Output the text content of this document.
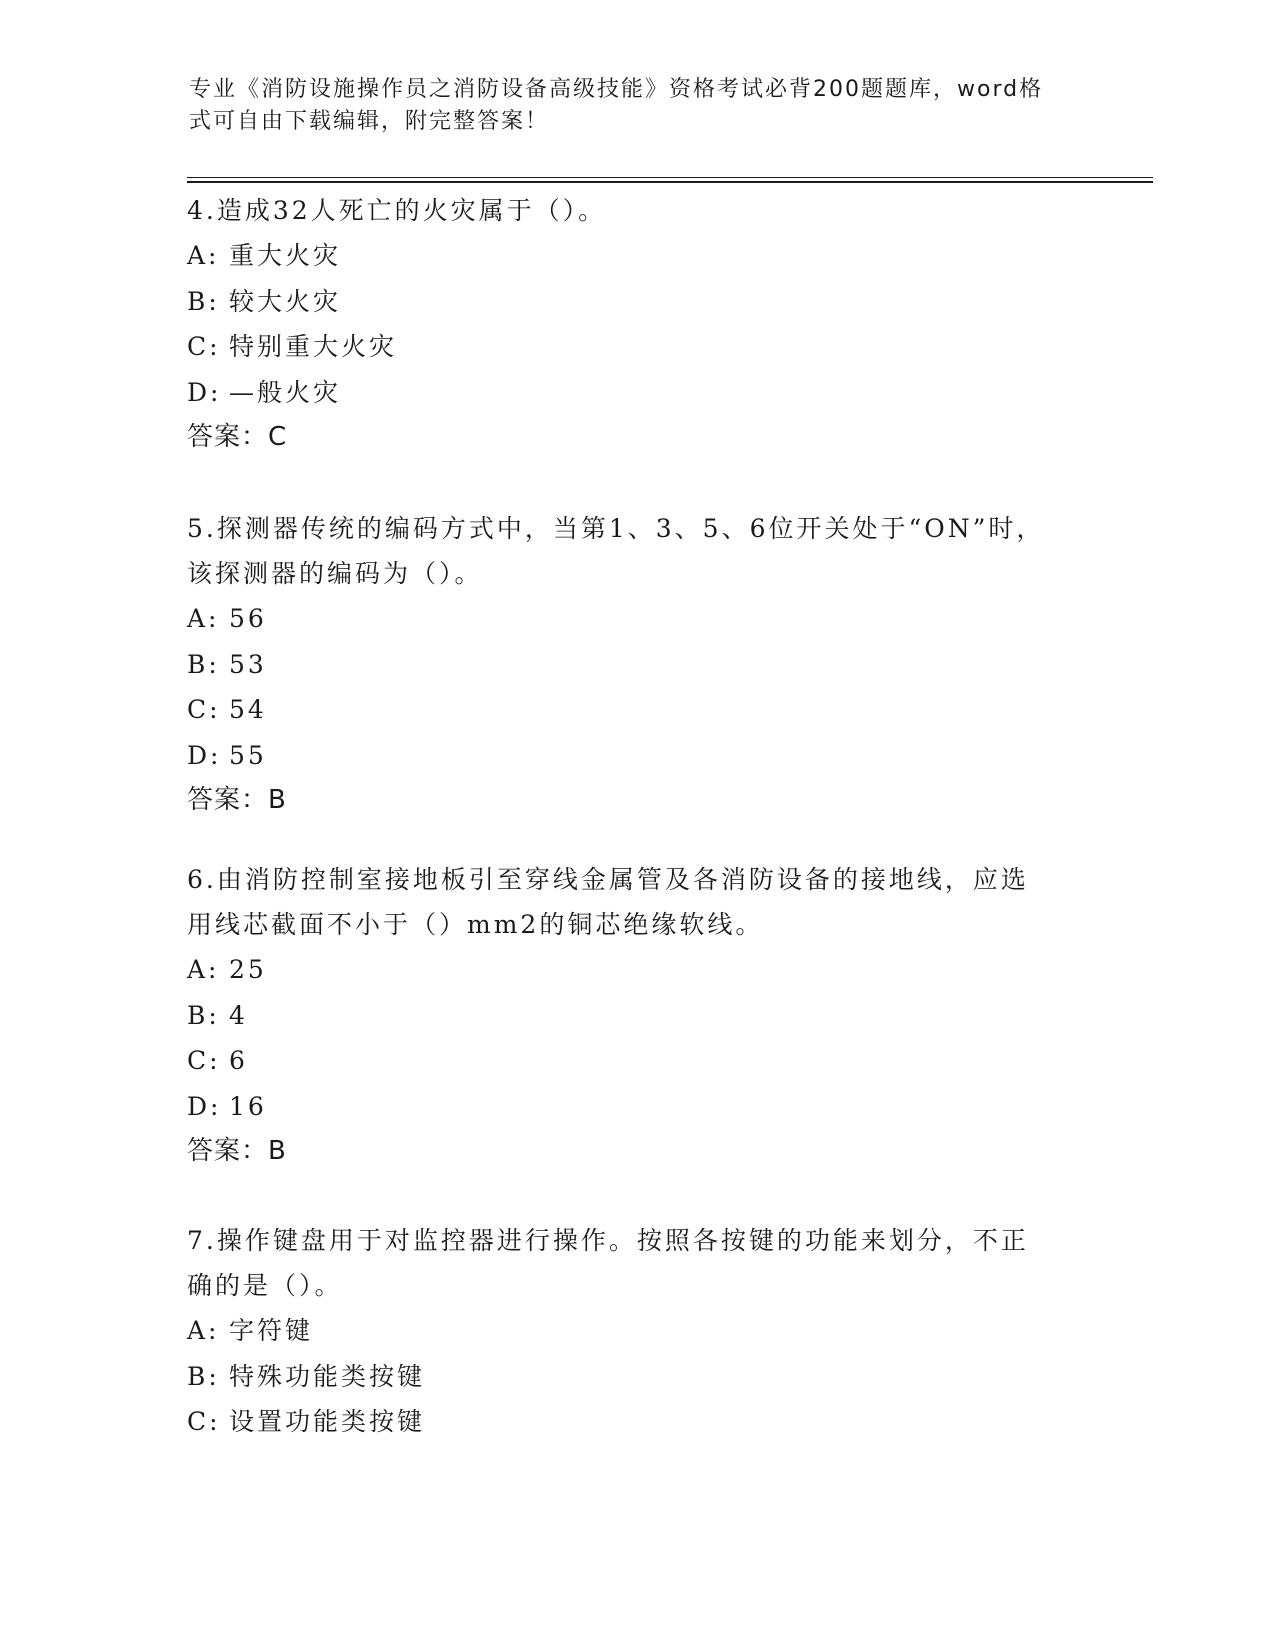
专业《消防设施操作员之消防设备高级技能》资格考试必背200题题库，word格
式可自由下载编辑，附完整答案！
4.造成32人死亡的火灾属于（）。
A: 重大火灾
B: 较大火灾
C: 特别重大火灾
D: —般火灾
答案：C
5.探测器传统的编码方式中，当第1、3、5、6位开关处于“ON”时，
该探测器的编码为（）。
A: 56
B: 53
C: 54
D: 55
答案：B
6.由消防控制室接地板引至穿线金属管及各消防设备的接地线，应选
用线芯截面不小于（）mm2的铜芯绝缘软线。
A: 25
B: 4
C: 6
D: 16
答案：B
7.操作键盘用于对监控器进行操作。按照各按键的功能来划分，不正
确的是（）。
A: 字符键
B: 特殊功能类按键
C: 设置功能类按键
